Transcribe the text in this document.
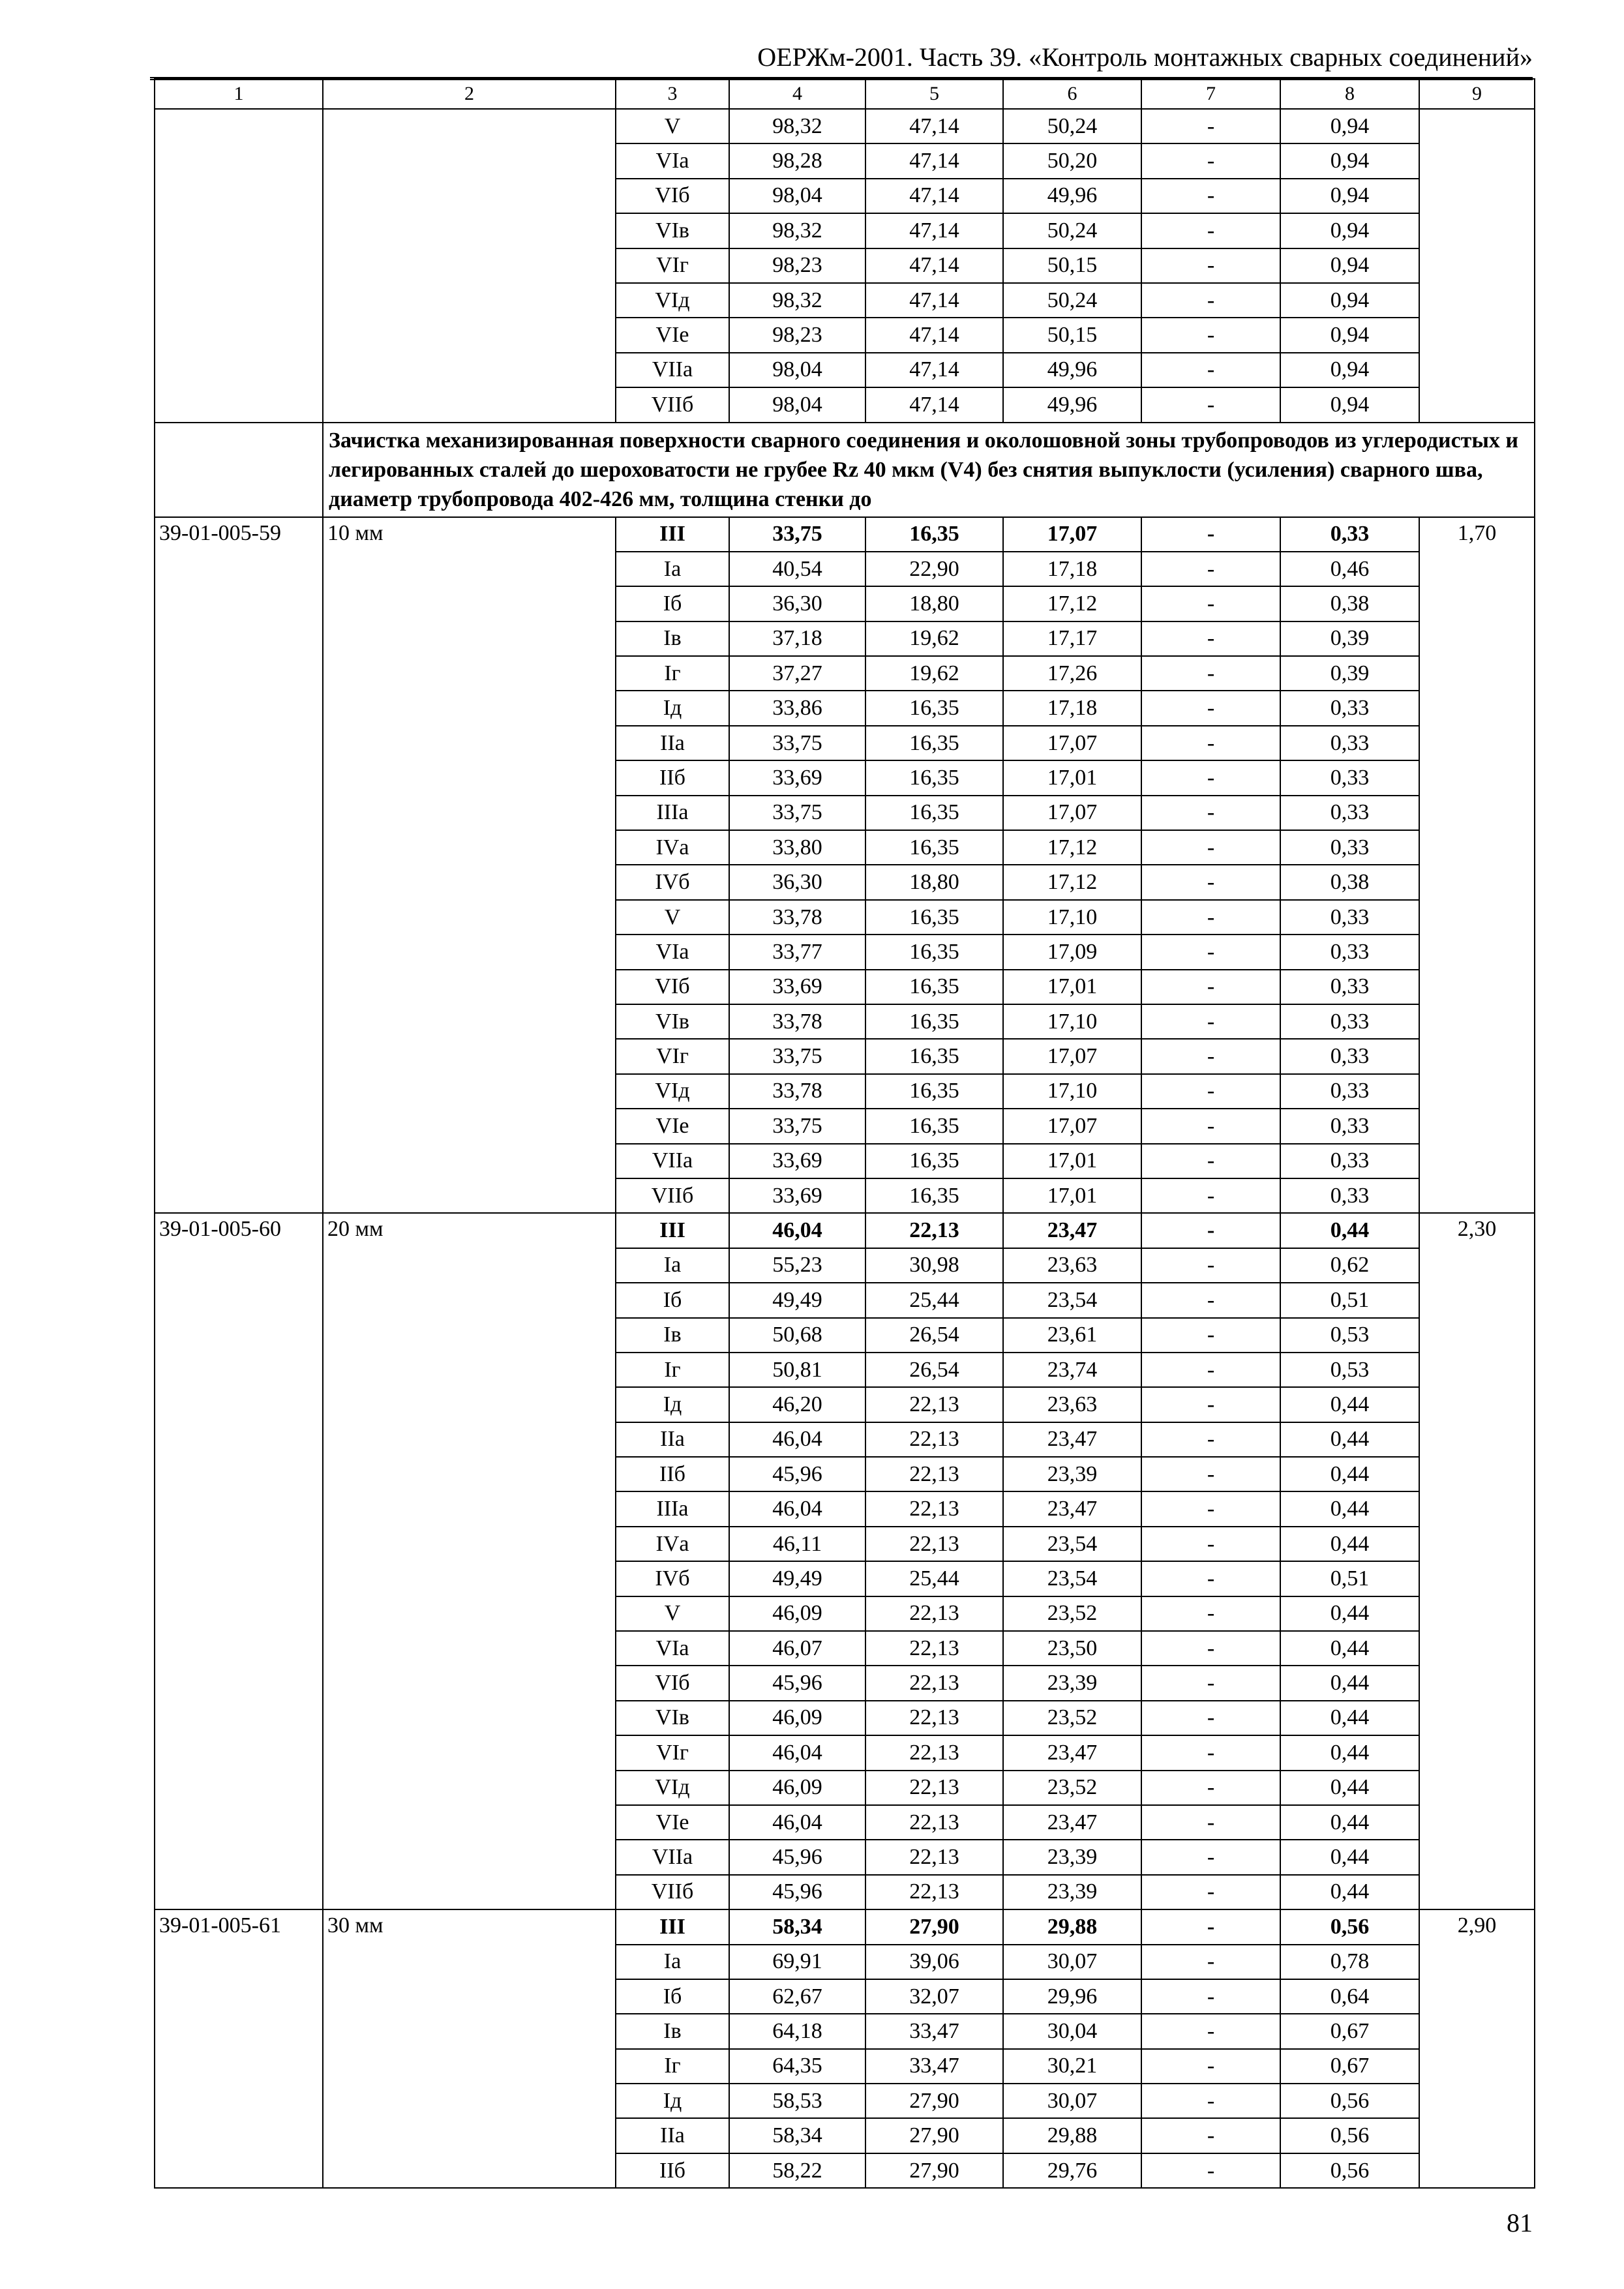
ОЕРЖм-2001. Часть 39. «Контроль монтажных сварных соединений»
1	2	3	4	5	6	7	8	9
		V	98,32	47,14	50,24	-	0,94	
		VIа	98,28	47,14	50,20	-	0,94	
		VIб	98,04	47,14	49,96	-	0,94	
		VIв	98,32	47,14	50,24	-	0,94	
		VIг	98,23	47,14	50,15	-	0,94	
		VIд	98,32	47,14	50,24	-	0,94	
		VIе	98,23	47,14	50,15	-	0,94	
		VIIа	98,04	47,14	49,96	-	0,94	
		VIIб	98,04	47,14	49,96	-	0,94	
	Зачистка механизированная поверхности сварного соединения и околошовной зоны трубопроводов из углеродистых и легированных сталей до шероховатости не грубее Rz 40 мкм (V4) без снятия выпуклости (усиления) сварного шва, диаметр трубопровода 402-426 мм, толщина стенки до							
39-01-005-59	10 мм	III	33,75	16,35	17,07	-	0,33	1,70
		Iа	40,54	22,90	17,18	-	0,46	
		Iб	36,30	18,80	17,12	-	0,38	
		Iв	37,18	19,62	17,17	-	0,39	
		Iг	37,27	19,62	17,26	-	0,39	
		Iд	33,86	16,35	17,18	-	0,33	
		IIа	33,75	16,35	17,07	-	0,33	
		IIб	33,69	16,35	17,01	-	0,33	
		IIIа	33,75	16,35	17,07	-	0,33	
		IVа	33,80	16,35	17,12	-	0,33	
		IVб	36,30	18,80	17,12	-	0,38	
		V	33,78	16,35	17,10	-	0,33	
		VIа	33,77	16,35	17,09	-	0,33	
		VIб	33,69	16,35	17,01	-	0,33	
		VIв	33,78	16,35	17,10	-	0,33	
		VIг	33,75	16,35	17,07	-	0,33	
		VIд	33,78	16,35	17,10	-	0,33	
		VIе	33,75	16,35	17,07	-	0,33	
		VIIа	33,69	16,35	17,01	-	0,33	
		VIIб	33,69	16,35	17,01	-	0,33	
39-01-005-60	20 мм	III	46,04	22,13	23,47	-	0,44	2,30
		Iа	55,23	30,98	23,63	-	0,62	
		Iб	49,49	25,44	23,54	-	0,51	
		Iв	50,68	26,54	23,61	-	0,53	
		Iг	50,81	26,54	23,74	-	0,53	
		Iд	46,20	22,13	23,63	-	0,44	
		IIа	46,04	22,13	23,47	-	0,44	
		IIб	45,96	22,13	23,39	-	0,44	
		IIIа	46,04	22,13	23,47	-	0,44	
		IVа	46,11	22,13	23,54	-	0,44	
		IVб	49,49	25,44	23,54	-	0,51	
		V	46,09	22,13	23,52	-	0,44	
		VIа	46,07	22,13	23,50	-	0,44	
		VIб	45,96	22,13	23,39	-	0,44	
		VIв	46,09	22,13	23,52	-	0,44	
		VIг	46,04	22,13	23,47	-	0,44	
		VIд	46,09	22,13	23,52	-	0,44	
		VIе	46,04	22,13	23,47	-	0,44	
		VIIа	45,96	22,13	23,39	-	0,44	
		VIIб	45,96	22,13	23,39	-	0,44	
39-01-005-61	30 мм	III	58,34	27,90	29,88	-	0,56	2,90
		Iа	69,91	39,06	30,07	-	0,78	
		Iб	62,67	32,07	29,96	-	0,64	
		Iв	64,18	33,47	30,04	-	0,67	
		Iг	64,35	33,47	30,21	-	0,67	
		Iд	58,53	27,90	30,07	-	0,56	
		IIа	58,34	27,90	29,88	-	0,56	
		IIб	58,22	27,90	29,76	-	0,56	
81
